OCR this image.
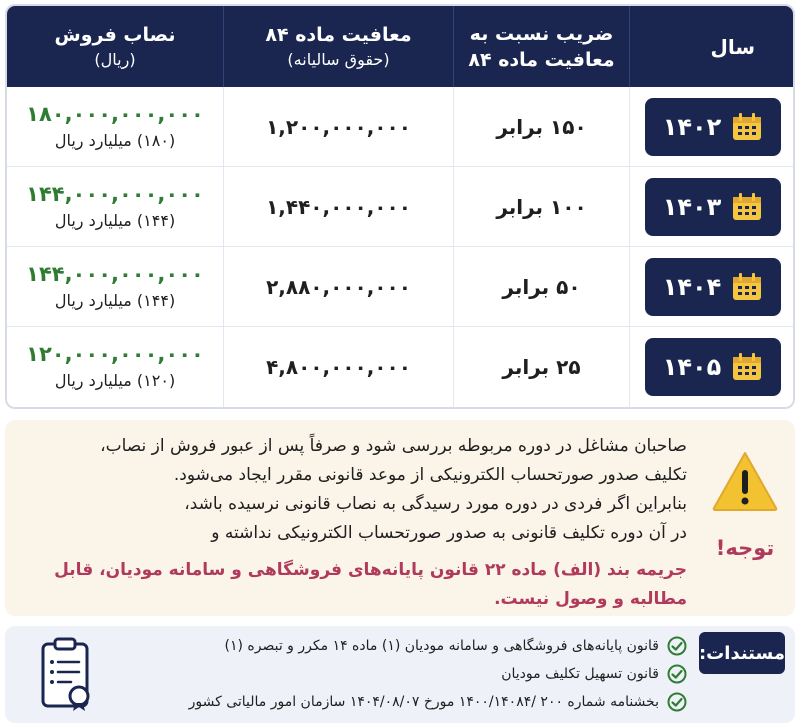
سال
ضریب نسبت به
معافیت ماده ۸۴
معافیت ماده ۸۴
(حقوق سالیانه)
نصاب فروش
(ریال)
۱۴۰۲
۱۵۰ برابر
۱,۲۰۰,۰۰۰,۰۰۰
۱۸۰,۰۰۰,۰۰۰,۰۰۰
(۱۸۰) میلیارد ریال
۱۴۰۳
۱۰۰ برابر
۱,۴۴۰,۰۰۰,۰۰۰
۱۴۴,۰۰۰,۰۰۰,۰۰۰
(۱۴۴) میلیارد ریال
۱۴۰۴
۵۰ برابر
۲,۸۸۰,۰۰۰,۰۰۰
۱۴۴,۰۰۰,۰۰۰,۰۰۰
(۱۴۴) میلیارد ریال
۱۴۰۵
۲۵ برابر
۴,۸۰۰,۰۰۰,۰۰۰
۱۲۰,۰۰۰,۰۰۰,۰۰۰
(۱۲۰) میلیارد ریال
توجه!
صاحبان مشاغل در دوره مربوطه بررسی شود و صرفاً پس از عبور فروش از نصاب،
تکلیف صدور صورتحساب الکترونیکی از موعد قانونی مقرر ایجاد می‌شود.
بنابراین اگر فردی در دوره مورد رسیدگی به نصاب قانونی نرسیده باشد،
در آن دوره تکلیف قانونی به صدور صورتحساب الکترونیکی نداشته و
جریمه بند (الف) ماده ۲۲ قانون پایانه‌های فروشگاهی و سامانه مودیان، قابل مطالبه و وصول نیست.
مستندات:
قانون پایانه‌های فروشگاهی و سامانه مودیان (۱) ماده ۱۴ مکرر و تبصره (۱)
قانون تسهیل تکلیف مودیان
بخشنامه شماره ۲۰۰ /۱۴۰۰/۱۴۰۸۴ مورخ ۱۴۰۴/۰۸/۰۷ سازمان امور مالیاتی کشور
